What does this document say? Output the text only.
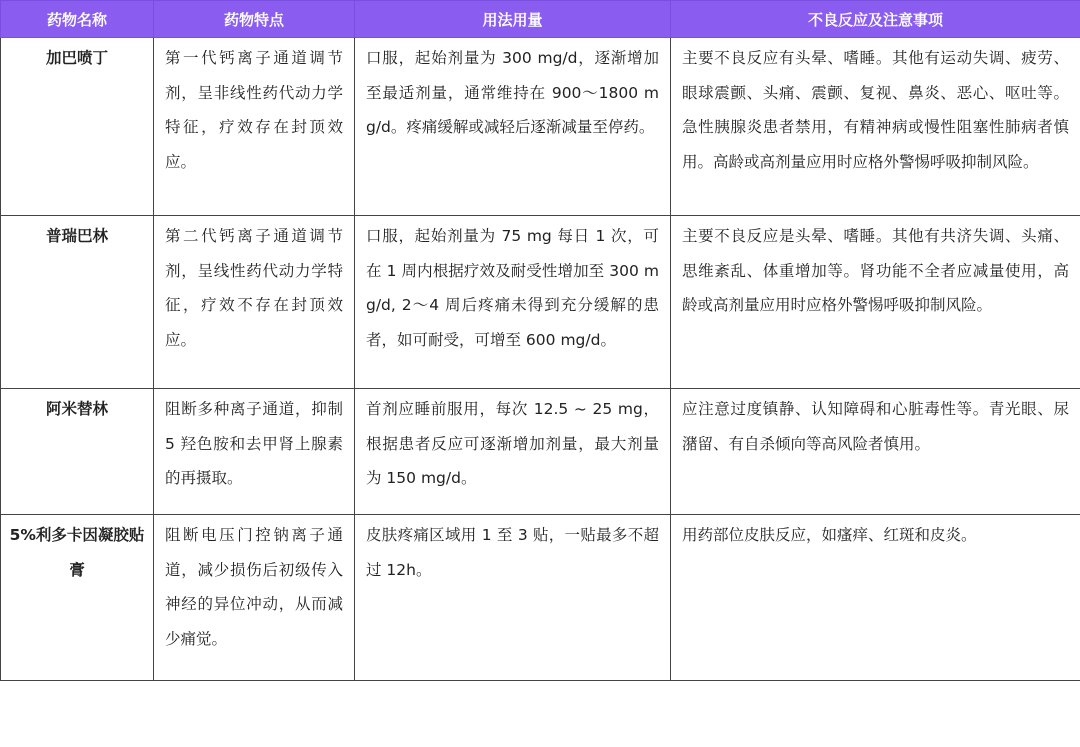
药物名称	药物特点	用法用量	不良反应及注意事项
加巴喷丁	第一代钙离子通道调节剂，呈非线性药代动力学特征，疗效存在封顶效应。	口服，起始剂量为 300 mg/d，逐渐增加至最适剂量，通常维持在 900～1800 mg/d。疼痛缓解或减轻后逐渐减量至停药。	主要不良反应有头晕、嗜睡。其他有运动失调、疲劳、眼球震颤、头痛、震颤、复视、鼻炎、恶心、呕吐等。急性胰腺炎患者禁用，有精神病或慢性阻塞性肺病者慎用。高龄或高剂量应用时应格外警惕呼吸抑制风险。
普瑞巴林	第二代钙离子通道调节剂，呈线性药代动力学特征，疗效不存在封顶效应。	口服，起始剂量为 75 mg 每日 1 次，可在 1 周内根据疗效及耐受性增加至 300 mg/d, 2～4 周后疼痛未得到充分缓解的患者，如可耐受，可增至 600 mg/d。	主要不良反应是头晕、嗜睡。其他有共济失调、头痛、思维紊乱、体重增加等。肾功能不全者应减量使用，高龄或高剂量应用时应格外警惕呼吸抑制风险。
阿米替林	阻断多种离子通道，抑制 5 羟色胺和去甲肾上腺素的再摄取。	首剂应睡前服用，每次 12.5 ~ 25 mg，根据患者反应可逐渐增加剂量，最大剂量为 150 mg/d。	应注意过度镇静、认知障碍和心脏毒性等。青光眼、尿潴留、有自杀倾向等高风险者慎用。
5%利多卡因凝胶贴膏	阻断电压门控钠离子通道，减少损伤后初级传入神经的异位冲动，从而减少痛觉。	皮肤疼痛区域用 1 至 3 贴，一贴最多不超过 12h。	用药部位皮肤反应，如瘙痒、红斑和皮炎。
